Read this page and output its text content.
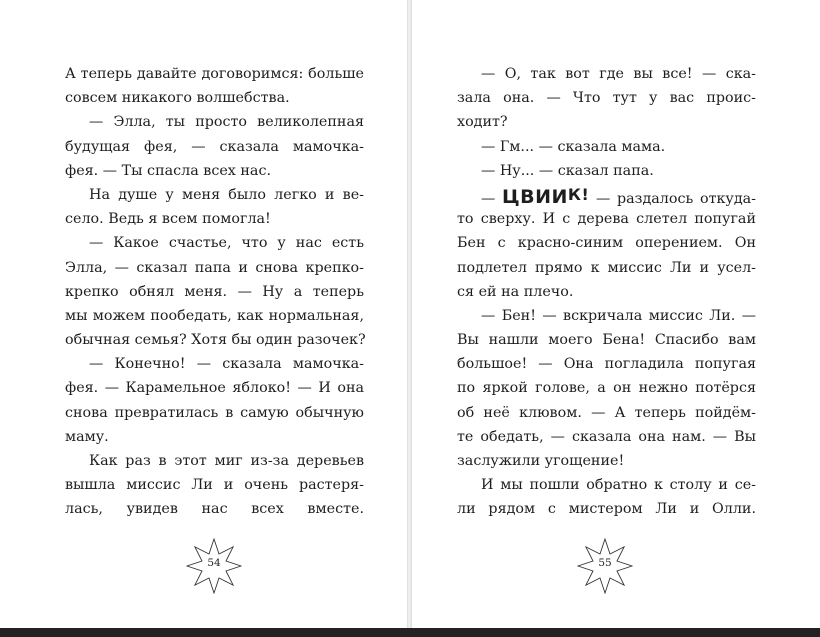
А теперь давайте договоримся: больше
совсем никакого волшебства.
— Элла, ты просто великолепная
будущая фея, — сказала мамочка-
фея. — Ты спасла всех нас.
На душе у меня было легко и ве-
село. Ведь я всем помогла!
— Какое счастье, что у нас есть
Элла, — сказал папа и снова крепко-
крепко обнял меня. — Ну а теперь
мы можем пообедать, как нормальная,
обычная семья? Хотя бы один разочек?
— Конечно! — сказала мамочка-
фея. — Карамельное яблоко! — И она
снова превратилась в самую обычную
маму.
Как раз в этот миг из-за деревьев
вышла миссис Ли и очень растеря-
лась, увидев нас всех вместе.
54
— О, так вот где вы все! — ска-
зала она. — Что тут у вас проис-
ходит?
— Гм... — сказала мама.
— Ну... — сказал папа.
— ЦВИИК! — раздалось откуда-
то сверху. И с дерева слетел попугай
Бен с красно-синим оперением. Он
подлетел прямо к миссис Ли и усел-
ся ей на плечо.
— Бен! — вскричала миссис Ли. —
Вы нашли моего Бена! Спасибо вам
большое! — Она погладила попугая
по яркой голове, а он нежно потёрся
об неё клювом. — А теперь пойдём-
те обедать, — сказала она нам. — Вы
заслужили угощение!
И мы пошли обратно к столу и се-
ли рядом с мистером Ли и Олли.
55
